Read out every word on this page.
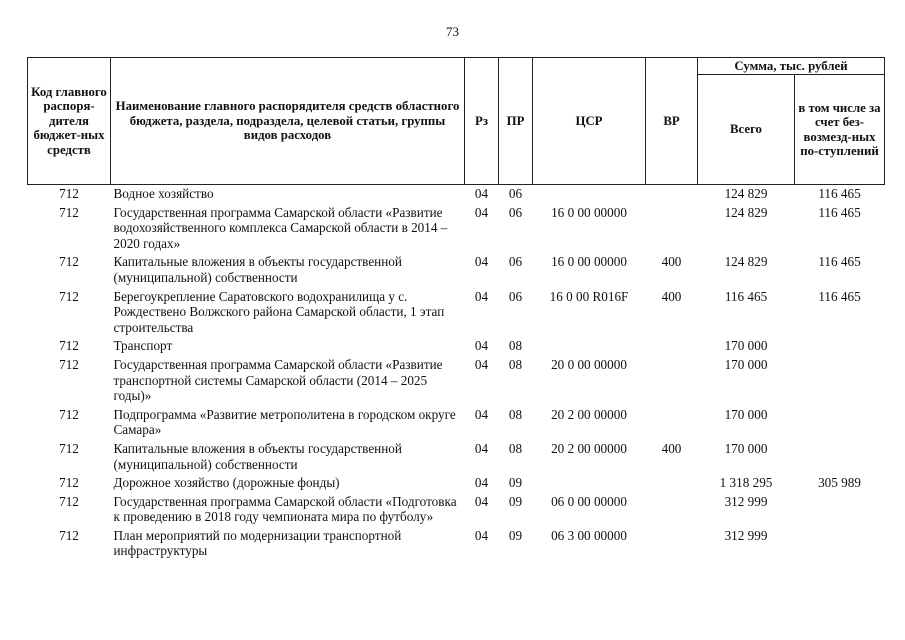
73
Код главного распоря-дителя бюджет-ных средств	Наименование главного распорядителя средств областного бюджета, раздела, подраздела, целевой статьи, группы видов расходов	Рз	ПР	ЦСР	ВР	Сумма, тыс. рублей	
						Всего	в том числе за счет без-возмезд-ных по-ступлений
712	Водное хозяйство	04	06			124 829	116 465
712	Государственная программа Самарской области «Развитие водохозяйственного комплекса Самарской области в 2014 – 2020 годах»	04	06	16 0 00 00000		124 829	116 465
712	Капитальные вложения в объекты государственной (муниципальной) собственности	04	06	16 0 00 00000	400	124 829	116 465
712	Берегоукрепление Саратовского водохранилища у с. Рождествено Волжского района Самарской области, 1 этап строительства	04	06	16 0 00 R016F	400	116 465	116 465
712	Транспорт	04	08			170 000	
712	Государственная программа Самарской области «Развитие транспортной системы Самарской области (2014 – 2025 годы)»	04	08	20 0 00 00000		170 000	
712	Подпрограмма «Развитие метрополитена в городском округе Самара»	04	08	20 2 00 00000		170 000	
712	Капитальные вложения в объекты государственной (муниципальной) собственности	04	08	20 2 00 00000	400	170 000	
712	Дорожное хозяйство (дорожные фонды)	04	09			1 318 295	305 989
712	Государственная программа Самарской области «Подготовка к проведению в 2018 году чемпионата мира по футболу»	04	09	06 0 00 00000		312 999	
712	План мероприятий по модернизации транспортной инфраструктуры	04	09	06 3 00 00000		312 999	
